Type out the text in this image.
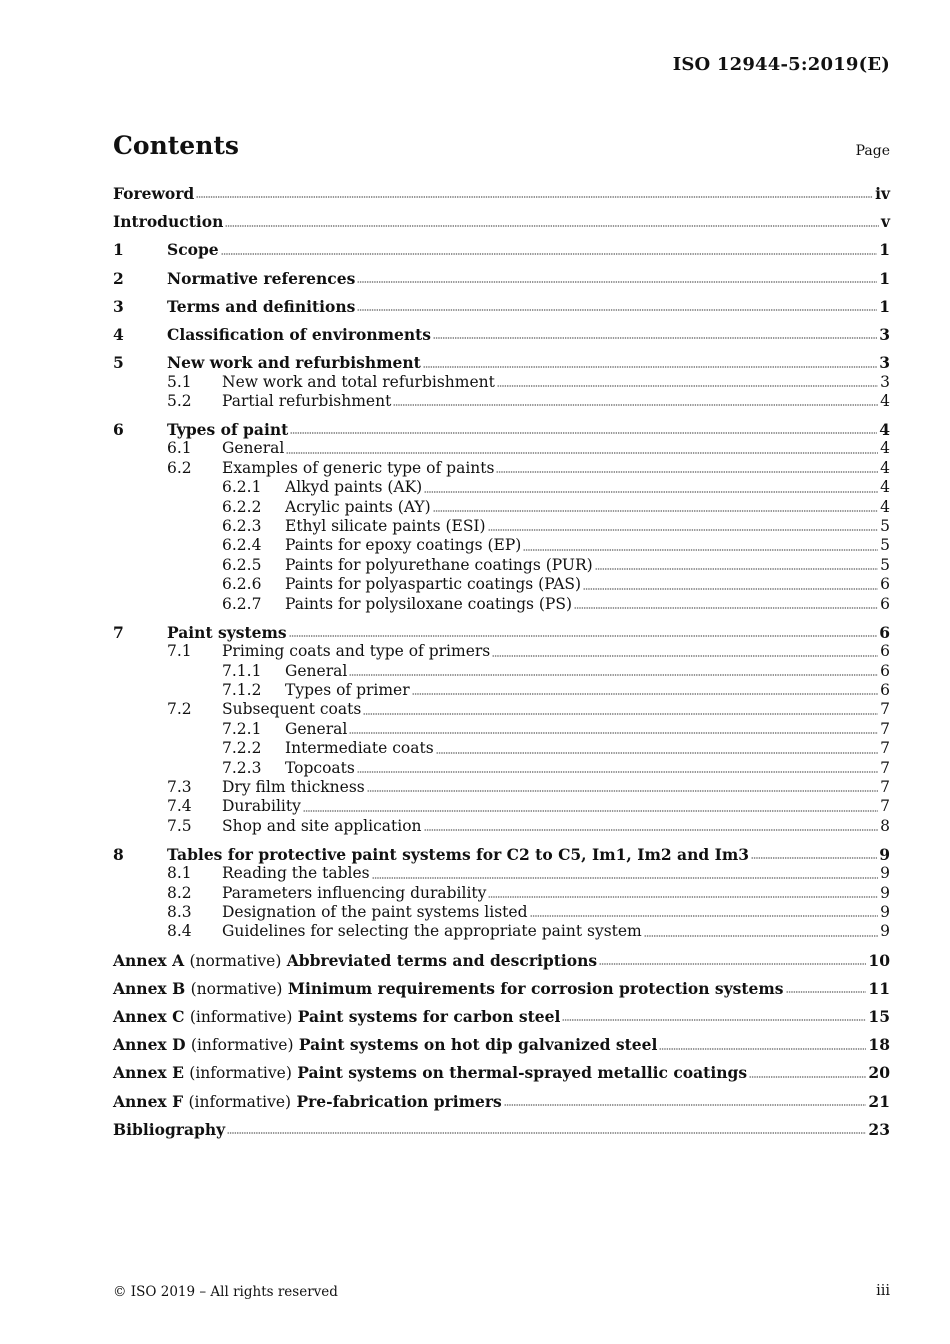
ISO 12944-5:2019(E)
Contents	Page
Foreword	iv
Introduction	v
1	Scope	1
2	Normative references	1
3	Terms and definitions	1
4	Classification of environments	3
5	New work and refurbishment	3
5.1	New work and total refurbishment	3
5.2	Partial refurbishment	4
6	Types of paint	4
6.1	General	4
6.2	Examples of generic type of paints	4
6.2.1	Alkyd paints (AK)	4
6.2.2	Acrylic paints (AY)	4
6.2.3	Ethyl silicate paints (ESI)	5
6.2.4	Paints for epoxy coatings (EP)	5
6.2.5	Paints for polyurethane coatings (PUR)	5
6.2.6	Paints for polyaspartic coatings (PAS)	6
6.2.7	Paints for polysiloxane coatings (PS)	6
7	Paint systems	6
7.1	Priming coats and type of primers	6
7.1.1	General	6
7.1.2	Types of primer	6
7.2	Subsequent coats	7
7.2.1	General	7
7.2.2	Intermediate coats	7
7.2.3	Topcoats	7
7.3	Dry film thickness	7
7.4	Durability	7
7.5	Shop and site application	8
8	Tables for protective paint systems for C2 to C5, Im1, Im2 and Im3	9
8.1	Reading the tables	9
8.2	Parameters influencing durability	9
8.3	Designation of the paint systems listed	9
8.4	Guidelines for selecting the appropriate paint system	9
Annex A (normative) Abbreviated terms and descriptions	10
Annex B (normative) Minimum requirements for corrosion protection systems	11
Annex C (informative) Paint systems for carbon steel	15
Annex D (informative) Paint systems on hot dip galvanized steel	18
Annex E (informative) Paint systems on thermal-sprayed metallic coatings	20
Annex F (informative) Pre-fabrication primers	21
Bibliography	23
© ISO 2019 – All rights reserved	iii
